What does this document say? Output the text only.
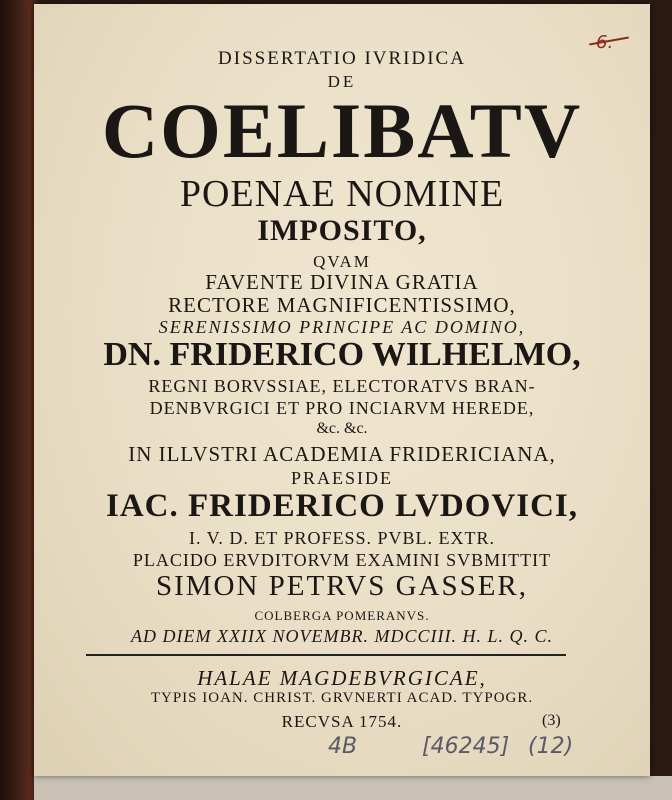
6.
DISSERTATIO IVRIDICA
DE
COELIBATV
POENAE NOMINE
IMPOSITO,
QVAM
FAVENTE DIVINA GRATIA
RECTORE MAGNIFICENTISSIMO,
SERENISSIMO PRINCIPE AC DOMINO,
DN. FRIDERICO WILHELMO,
REGNI BORVSSIAE, ELECTORATVS BRAN-
DENBVRGICI ET PRO INCIARVM HEREDE,
&c. &c.
IN ILLVSTRI ACADEMIA FRIDERICIANA,
PRAESIDE
IAC. FRIDERICO LVDOVICI,
I. V. D. ET PROFESS. PVBL. EXTR.
PLACIDO ERVDITORVM EXAMINI SVBMITTIT
SIMON PETRVS GASSER,
COLBERGA POMERANVS.
AD DIEM XXIIX NOVEMBR. MDCCIII. H. L. Q. C.
HALAE MAGDEBVRGICAE,
TYPIS IOAN. CHRIST. GRVNERTI ACAD. TYPOGR.
RECVSA 1754.	(3)
4B	[46245] (12)
